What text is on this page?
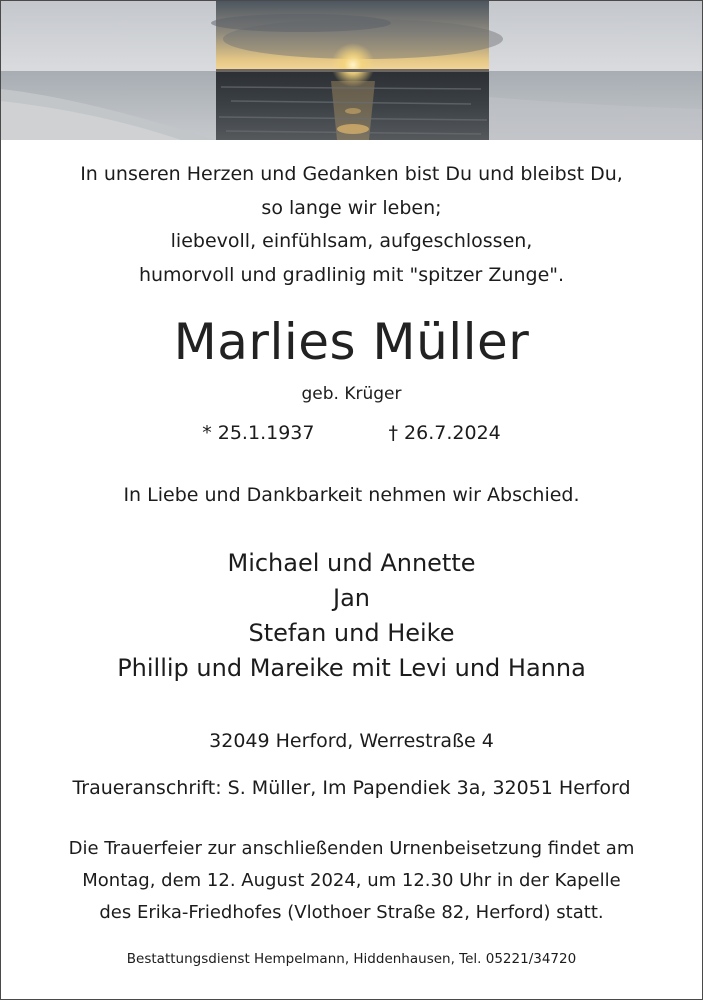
In unseren Herzen und Gedanken bist Du und bleibst Du,
so lange wir leben;
liebevoll, einfühlsam, aufgeschlossen,
humorvoll und gradlinig mit "spitzer Zunge".
Marlies Müller
geb. Krüger
* 25.1.1937	† 26.7.2024
In Liebe und Dankbarkeit nehmen wir Abschied.
Michael und Annette
Jan
Stefan und Heike
Phillip und Mareike mit Levi und Hanna
32049 Herford, Werrestraße 4
Traueranschrift: S. Müller, Im Papendiek 3a, 32051 Herford
Die Trauerfeier zur anschließenden Urnenbeisetzung findet am
Montag, dem 12. August 2024, um 12.30 Uhr in der Kapelle
des Erika-Friedhofes (Vlothoer Straße 82, Herford) statt.
Bestattungsdienst Hempelmann, Hiddenhausen, Tel. 05221/34720
